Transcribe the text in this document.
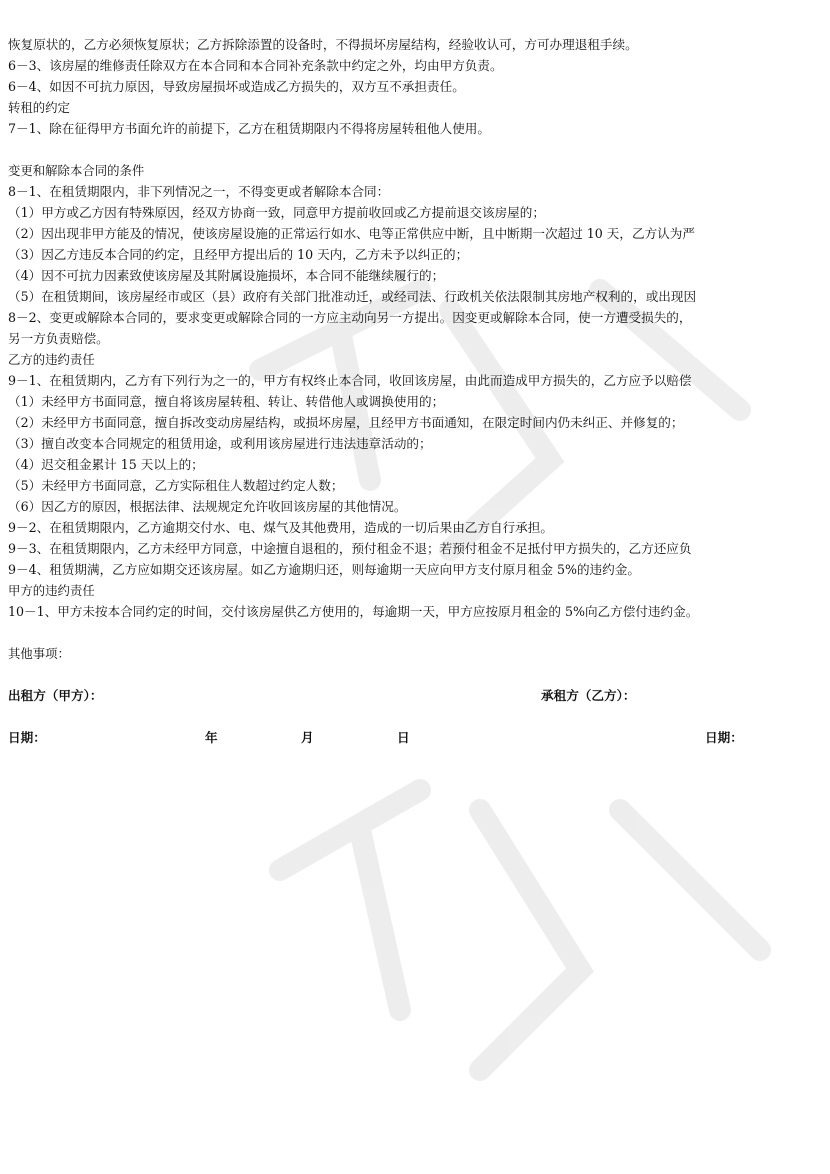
恢复原状的，乙方必须恢复原状；乙方拆除添置的设备时，不得损坏房屋结构，经验收认可，方可办理退租手续。
6－3、该房屋的维修责任除双方在本合同和本合同补充条款中约定之外，均由甲方负责。
6－4、如因不可抗力原因，导致房屋损坏或造成乙方损失的，双方互不承担责任。
转租的约定
7－1、除在征得甲方书面允许的前提下，乙方在租赁期限内不得将房屋转租他人使用。
变更和解除本合同的条件
8－1、在租赁期限内，非下列情况之一，不得变更或者解除本合同：
（1）甲方或乙方因有特殊原因，经双方协商一致，同意甲方提前收回或乙方提前退交该房屋的；
（2）因出现非甲方能及的情况，使该房屋设施的正常运行如水、电等正常供应中断，且中断期一次超过 10 天，乙方认为严
（3）因乙方违反本合同的约定，且经甲方提出后的 10 天内，乙方未予以纠正的；
（4）因不可抗力因素致使该房屋及其附属设施损坏，本合同不能继续履行的；
（5）在租赁期间，该房屋经市或区（县）政府有关部门批准动迁，或经司法、行政机关依法限制其房地产权利的，或出现因
8－2、变更或解除本合同的，要求变更或解除合同的一方应主动向另一方提出。因变更或解除本合同，使一方遭受损失的，
另一方负责赔偿。
乙方的违约责任
9－1、在租赁期内，乙方有下列行为之一的，甲方有权终止本合同，收回该房屋，由此而造成甲方损失的，乙方应予以赔偿
（1）未经甲方书面同意，擅自将该房屋转租、转让、转借他人或调换使用的；
（2）未经甲方书面同意，擅自拆改变动房屋结构，或损坏房屋，且经甲方书面通知，在限定时间内仍未纠正、并修复的；
（3）擅自改变本合同规定的租赁用途，或利用该房屋进行违法违章活动的；
（4）迟交租金累计 15 天以上的；
（5）未经甲方书面同意，乙方实际租住人数超过约定人数；
（6）因乙方的原因，根据法律、法规规定允许收回该房屋的其他情况。
9－2、在租赁期限内，乙方逾期交付水、电、煤气及其他费用，造成的一切后果由乙方自行承担。
9－3、在租赁期限内，乙方未经甲方同意，中途擅自退租的，预付租金不退；若预付租金不足抵付甲方损失的，乙方还应负
9－4、租赁期满，乙方应如期交还该房屋。如乙方逾期归还，则每逾期一天应向甲方支付原月租金 5%的违约金。
甲方的违约责任
10－1、甲方未按本合同约定的时间，交付该房屋供乙方使用的，每逾期一天，甲方应按原月租金的 5%向乙方偿付违约金。
其他事项：
出租方（甲方）：	承租方（乙方）：
日期：	年	月	日	日期：
